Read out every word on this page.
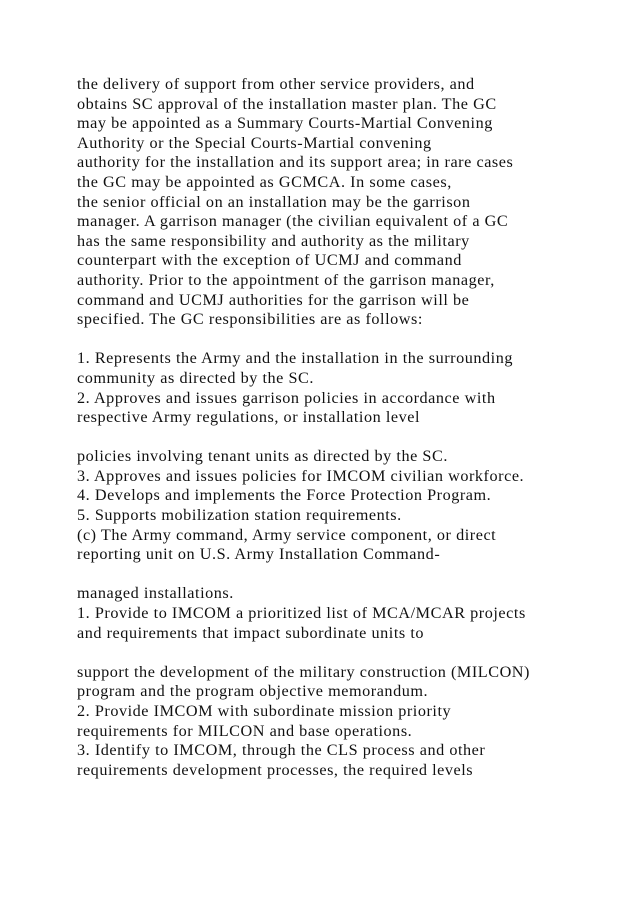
the delivery of support from other service providers, and
obtains SC approval of the installation master plan. The GC
may be appointed as a Summary Courts-Martial Convening
Authority or the Special Courts-Martial convening
authority for the installation and its support area; in rare cases
the GC may be appointed as GCMCA. In some cases,
the senior official on an installation may be the garrison
manager. A garrison manager (the civilian equivalent of a GC
has the same responsibility and authority as the military
counterpart with the exception of UCMJ and command
authority. Prior to the appointment of the garrison manager,
command and UCMJ authorities for the garrison will be
specified. The GC responsibilities are as follows:
1. Represents the Army and the installation in the surrounding
community as directed by the SC.
2. Approves and issues garrison policies in accordance with
respective Army regulations, or installation level
policies involving tenant units as directed by the SC.
3. Approves and issues policies for IMCOM civilian workforce.
4. Develops and implements the Force Protection Program.
5. Supports mobilization station requirements.
(c) The Army command, Army service component, or direct
reporting unit on U.S. Army Installation Command-
managed installations.
1. Provide to IMCOM a prioritized list of MCA/MCAR projects
and requirements that impact subordinate units to
support the development of the military construction (MILCON)
program and the program objective memorandum.
2. Provide IMCOM with subordinate mission priority
requirements for MILCON and base operations.
3. Identify to IMCOM, through the CLS process and other
requirements development processes, the required levels
